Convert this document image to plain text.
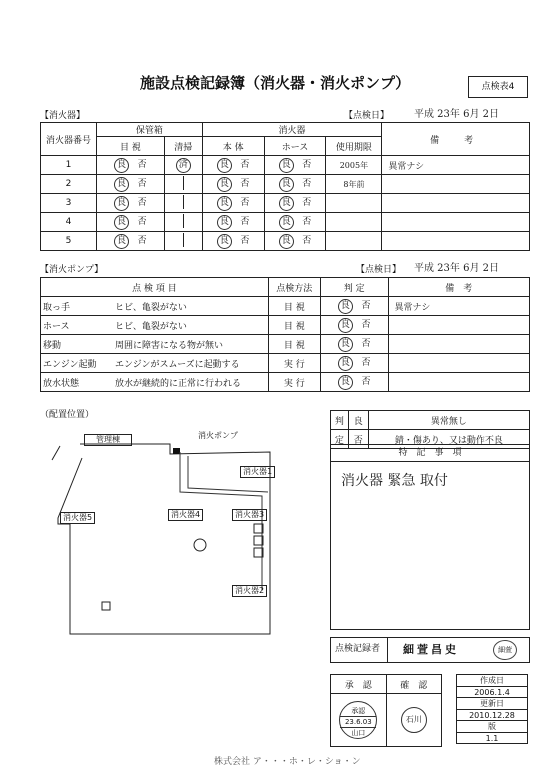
施設点検記録簿（消火器・消火ポンプ）	点検表4
【消火器】	【点検日】 平成 23年 6月 2日
消火器番号	保管箱		消火器			備　考
	目 視	清掃	本 体	ホース	使用期限	
1	良 否	済	良 否	良 否	2005年	異常ナシ
2	良 否		良 否	良 否	8年前	
3	良 否		良 否	良 否		
4	良 否		良 否	良 否		
5	良 否		良 否	良 否		
【消火ポンプ】	【点検日】 平成 23年 6月 2日
点 検 項 目	点検方法	判 定	備　考
取っ手 ヒビ、亀裂がない	目 視	良 否	異常ナシ
ホース ヒビ、亀裂がない	目 視	良 否	
移動 周囲に障害になる物が無い	目 視	良 否	
エンジン起動 エンジンがスムーズに起動する	実 行	良 否	
放水状態 放水が継続的に正常に行われる	実 行	良 否	
（配置位置）
管理棟	消火ポンプ
消火器1
消火器2
消火器3
消火器4
消火器5
判	良	異常無し
定	否	錆・傷あり、又は動作不良
特　記　事　項
消火器 緊急 取付
点検記録者 細萱昌史	細萱
承　認	確　認

承認
23.6.03
山口	石川
作成日
2006.1.4
更新日
2010.12.28
版
1.1
株式会社 ア・・・ホ・レ・ショ・ン
